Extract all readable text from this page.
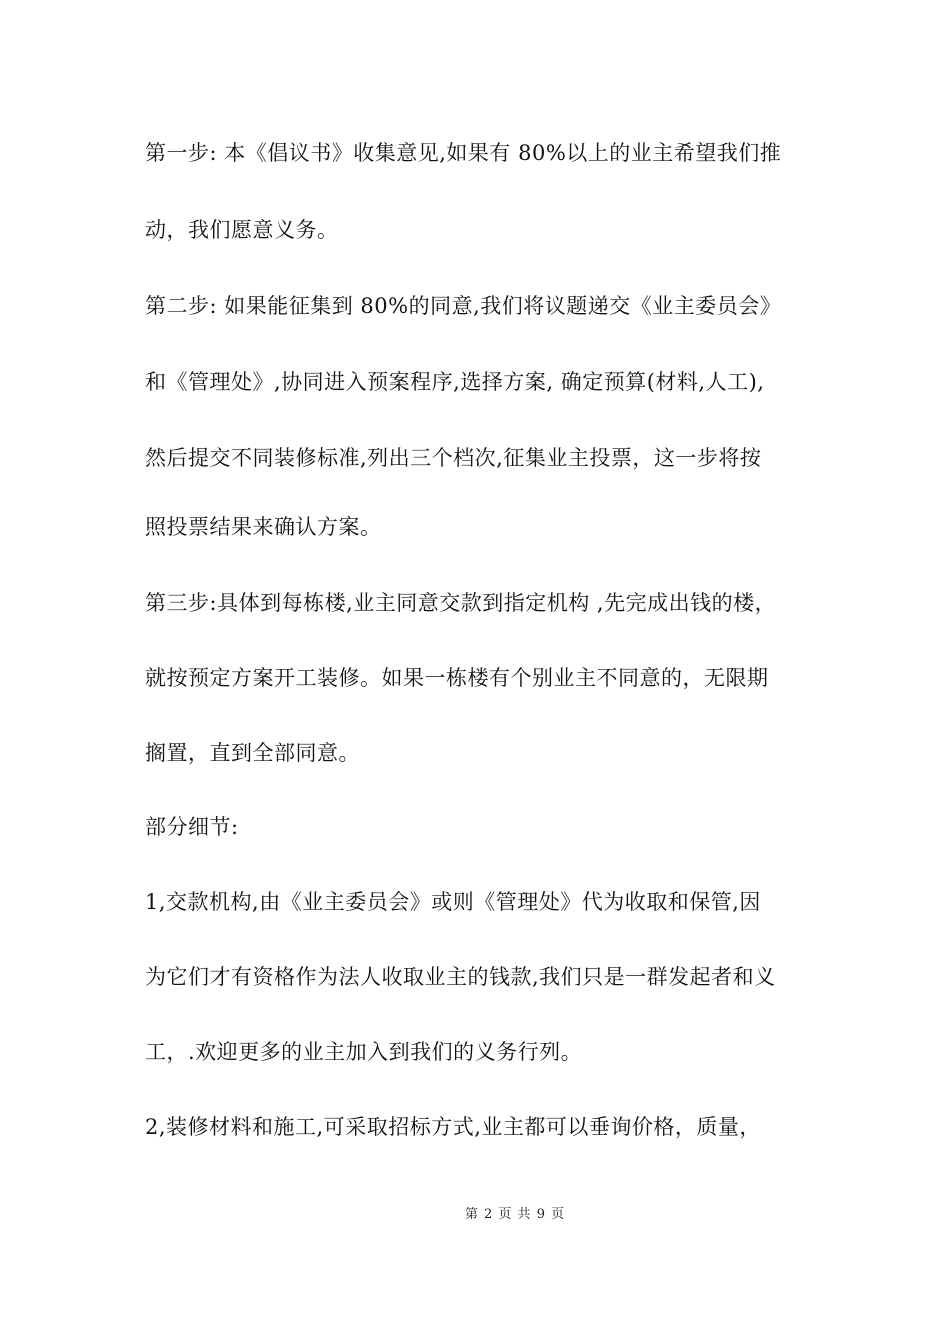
第一步: 本《倡议书》收集意见,如果有 80%以上的业主希望我们推
动，我们愿意义务。
第二步: 如果能征集到 80%的同意,我们将议题递交《业主委员会》
和《管理处》,协同进入预案程序,选择方案, 确定预算(材料,人工),
然后提交不同装修标准,列出三个档次,征集业主投票，这一步将按
照投票结果来确认方案。
第三步:具体到每栋楼,业主同意交款到指定机构 ,先完成出钱的楼，
就按预定方案开工装修。如果一栋楼有个别业主不同意的，无限期
搁置，直到全部同意。
部分细节:
1,交款机构,由《业主委员会》或则《管理处》代为收取和保管,因
为它们才有资格作为法人收取业主的钱款,我们只是一群发起者和义
工，.欢迎更多的业主加入到我们的义务行列。
2,装修材料和施工,可采取招标方式,业主都可以垂询价格，质量，
第 2 页 共 9 页
